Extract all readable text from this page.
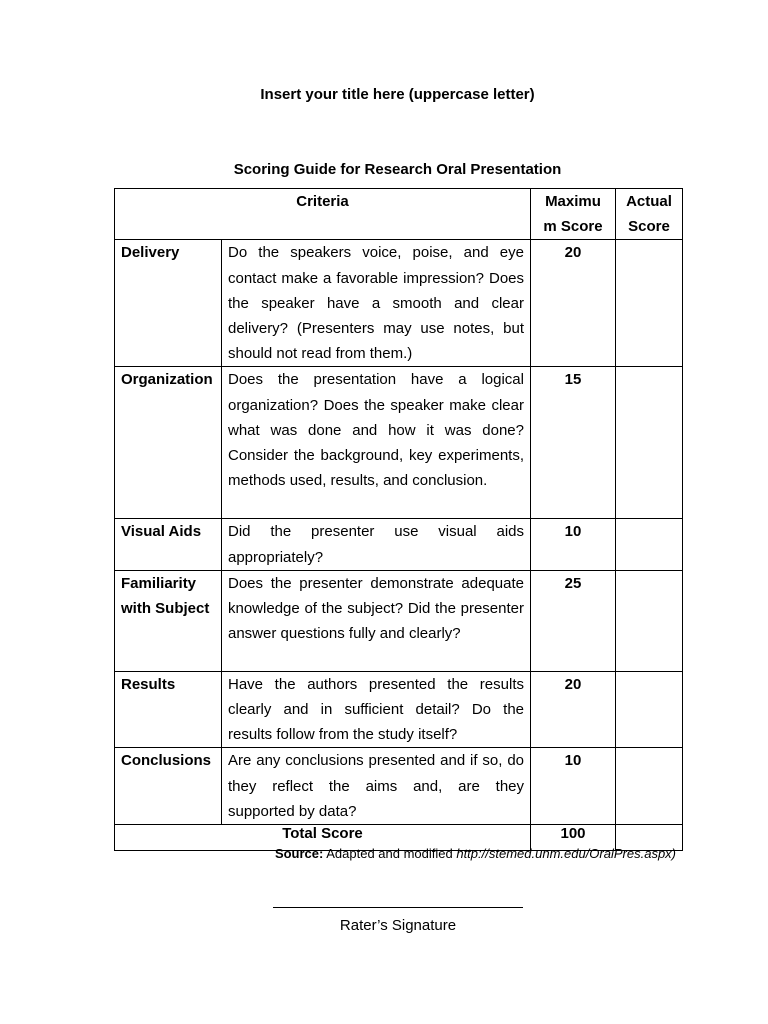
Insert your title here (uppercase letter)
Scoring Guide for Research Oral Presentation
Criteria		Maximu m Score	Actual Score
Delivery	Do the speakers voice, poise, and eye contact make a favorable impression? Does the speaker have a smooth and clear delivery? (Presenters may use notes, but should not read from them.)	20	
Organization	Does the presentation have a logical organization? Does the speaker make clear what was done and how it was done? Consider the background, key experiments, methods used, results, and conclusion.	15	
Visual Aids	Did the presenter use visual aids appropriately?	10	
Familiarity with Subject	Does the presenter demonstrate adequate knowledge of the subject? Did the presenter answer questions fully and clearly?	25	
Results	Have the authors presented the results clearly and in sufficient detail? Do the results follow from the study itself?	20	
Conclusions	Are any conclusions presented and if so, do they reflect the aims and, are they supported by data?	10	
Total Score		100	
Source: Adapted and modified http://stemed.unm.edu/OralPres.aspx)
Rater’s Signature
